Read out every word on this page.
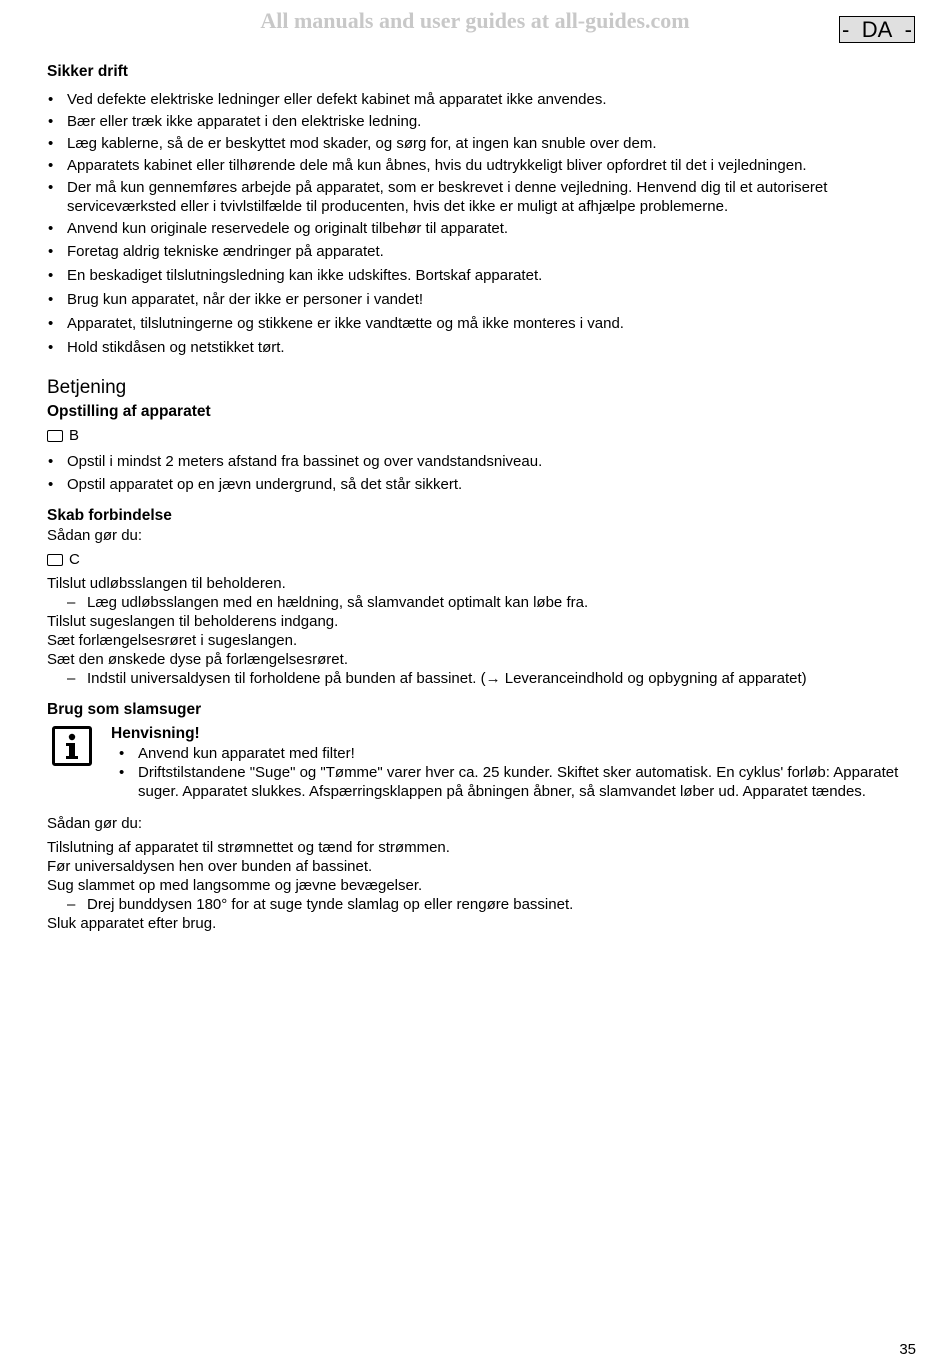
All manuals and user guides at all-guides.com	- DA -
Sikker drift
• Ved defekte elektriske ledninger eller defekt kabinet må apparatet ikke anvendes.
• Bær eller træk ikke apparatet i den elektriske ledning.
• Læg kablerne, så de er beskyttet mod skader, og sørg for, at ingen kan snuble over dem.
• Apparatets kabinet eller tilhørende dele må kun åbnes, hvis du udtrykkeligt bliver opfordret til det i vejledningen.
• Der må kun gennemføres arbejde på apparatet, som er beskrevet i denne vejledning. Henvend dig til et autoriseret serviceværksted eller i tvivlstilfælde til producenten, hvis det ikke er muligt at afhjælpe problemerne.
• Anvend kun originale reservedele og originalt tilbehør til apparatet.
• Foretag aldrig tekniske ændringer på apparatet.
• En beskadiget tilslutningsledning kan ikke udskiftes. Bortskaf apparatet.
• Brug kun apparatet, når der ikke er personer i vandet!
• Apparatet, tilslutningerne og stikkene er ikke vandtætte og må ikke monteres i vand.
• Hold stikdåsen og netstikket tørt.
Betjening
Opstilling af apparatet
B
• Opstil i mindst 2 meters afstand fra bassinet og over vandstandsniveau.
• Opstil apparatet op en jævn undergrund, så det står sikkert.
Skab forbindelse

Sådan gør du:

C

Tilslut udløbsslangen til beholderen.

– Læg udløbsslangen med en hældning, så slamvandet optimalt kan løbe fra.

Tilslut sugeslangen til beholderens indgang.

Sæt forlængelsesrøret i sugeslangen.

Sæt den ønskede dyse på forlængelsesrøret.

– Indstil universaldysen til forholdene på bunden af bassinet. (→ Leveranceindhold og opbygning af apparatet)

Brug som slamsuger
Henvisning!
• Anvend kun apparatet med filter!
• Driftstilstandene "Suge" og "Tømme" varer hver ca. 25 kunder. Skiftet sker automatisk. En cyklus' forløb: Apparatet suger. Apparatet slukkes. Afspærringsklappen på åbningen åbner, så slamvandet løber ud. Apparatet tændes.

Sådan gør du:

Tilslutning af apparatet til strømnettet og tænd for strømmen.

Før universaldysen hen over bunden af bassinet.

Sug slammet op med langsomme og jævne bevægelser.

– Drej bunddysen 180° for at suge tynde slamlag op eller rengøre bassinet.

Sluk apparatet efter brug.

35
